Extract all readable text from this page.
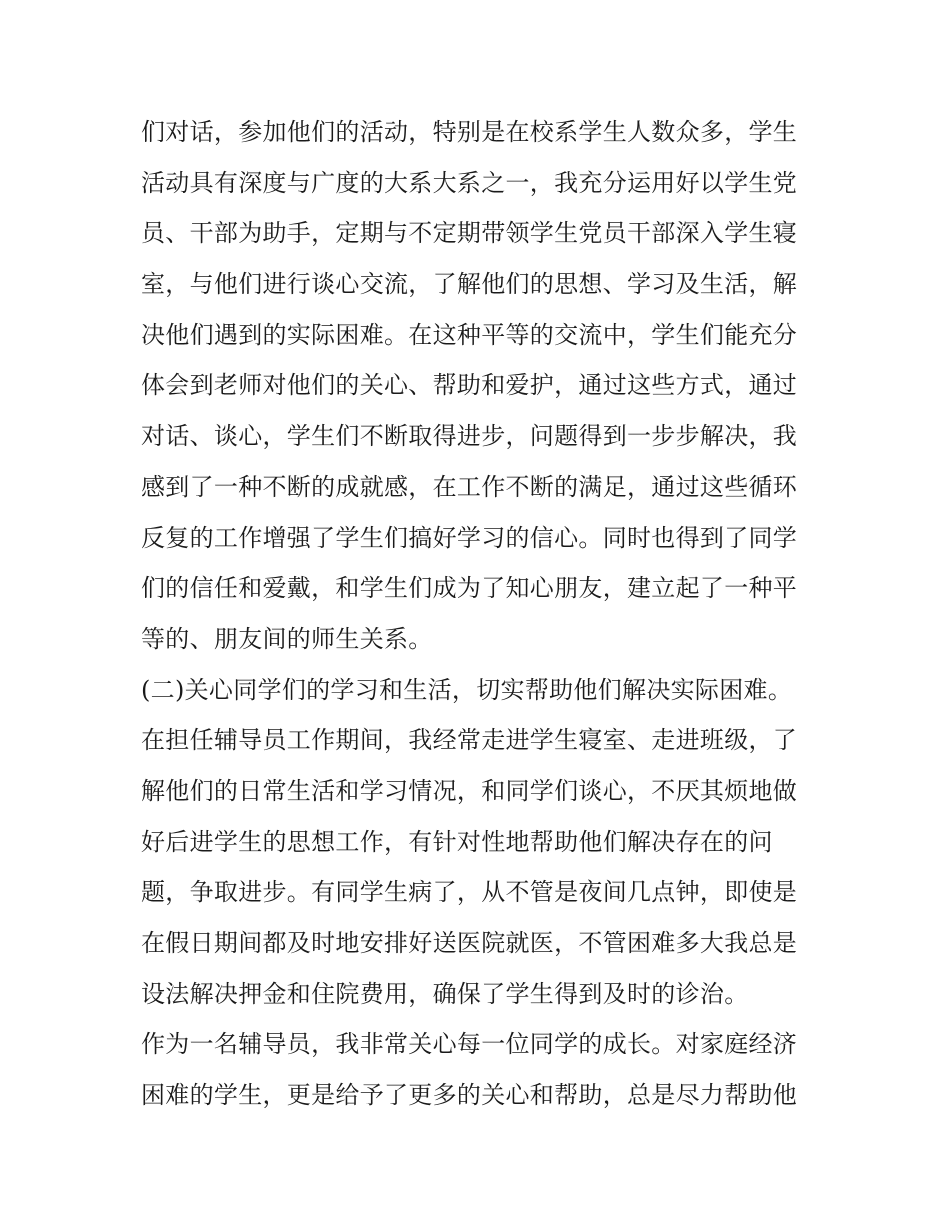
们对话，参加他们的活动，特别是在校系学生人数众多，学生
活动具有深度与广度的大系大系之一，我充分运用好以学生党
员、干部为助手，定期与不定期带领学生党员干部深入学生寝
室，与他们进行谈心交流，了解他们的思想、学习及生活，解
决他们遇到的实际困难。在这种平等的交流中，学生们能充分
体会到老师对他们的关心、帮助和爱护，通过这些方式，通过
对话、谈心，学生们不断取得进步，问题得到一步步解决，我
感到了一种不断的成就感，在工作不断的满足，通过这些循环
反复的工作增强了学生们搞好学习的信心。同时也得到了同学
们的信任和爱戴，和学生们成为了知心朋友，建立起了一种平
等的、朋友间的师生关系。
(二)关心同学们的学习和生活，切实帮助他们解决实际困难。
在担任辅导员工作期间，我经常走进学生寝室、走进班级，了
解他们的日常生活和学习情况，和同学们谈心，不厌其烦地做
好后进学生的思想工作，有针对性地帮助他们解决存在的问
题，争取进步。有同学生病了，从不管是夜间几点钟，即使是
在假日期间都及时地安排好送医院就医，不管困难多大我总是
设法解决押金和住院费用，确保了学生得到及时的诊治。
作为一名辅导员，我非常关心每一位同学的成长。对家庭经济
困难的学生，更是给予了更多的关心和帮助，总是尽力帮助他
